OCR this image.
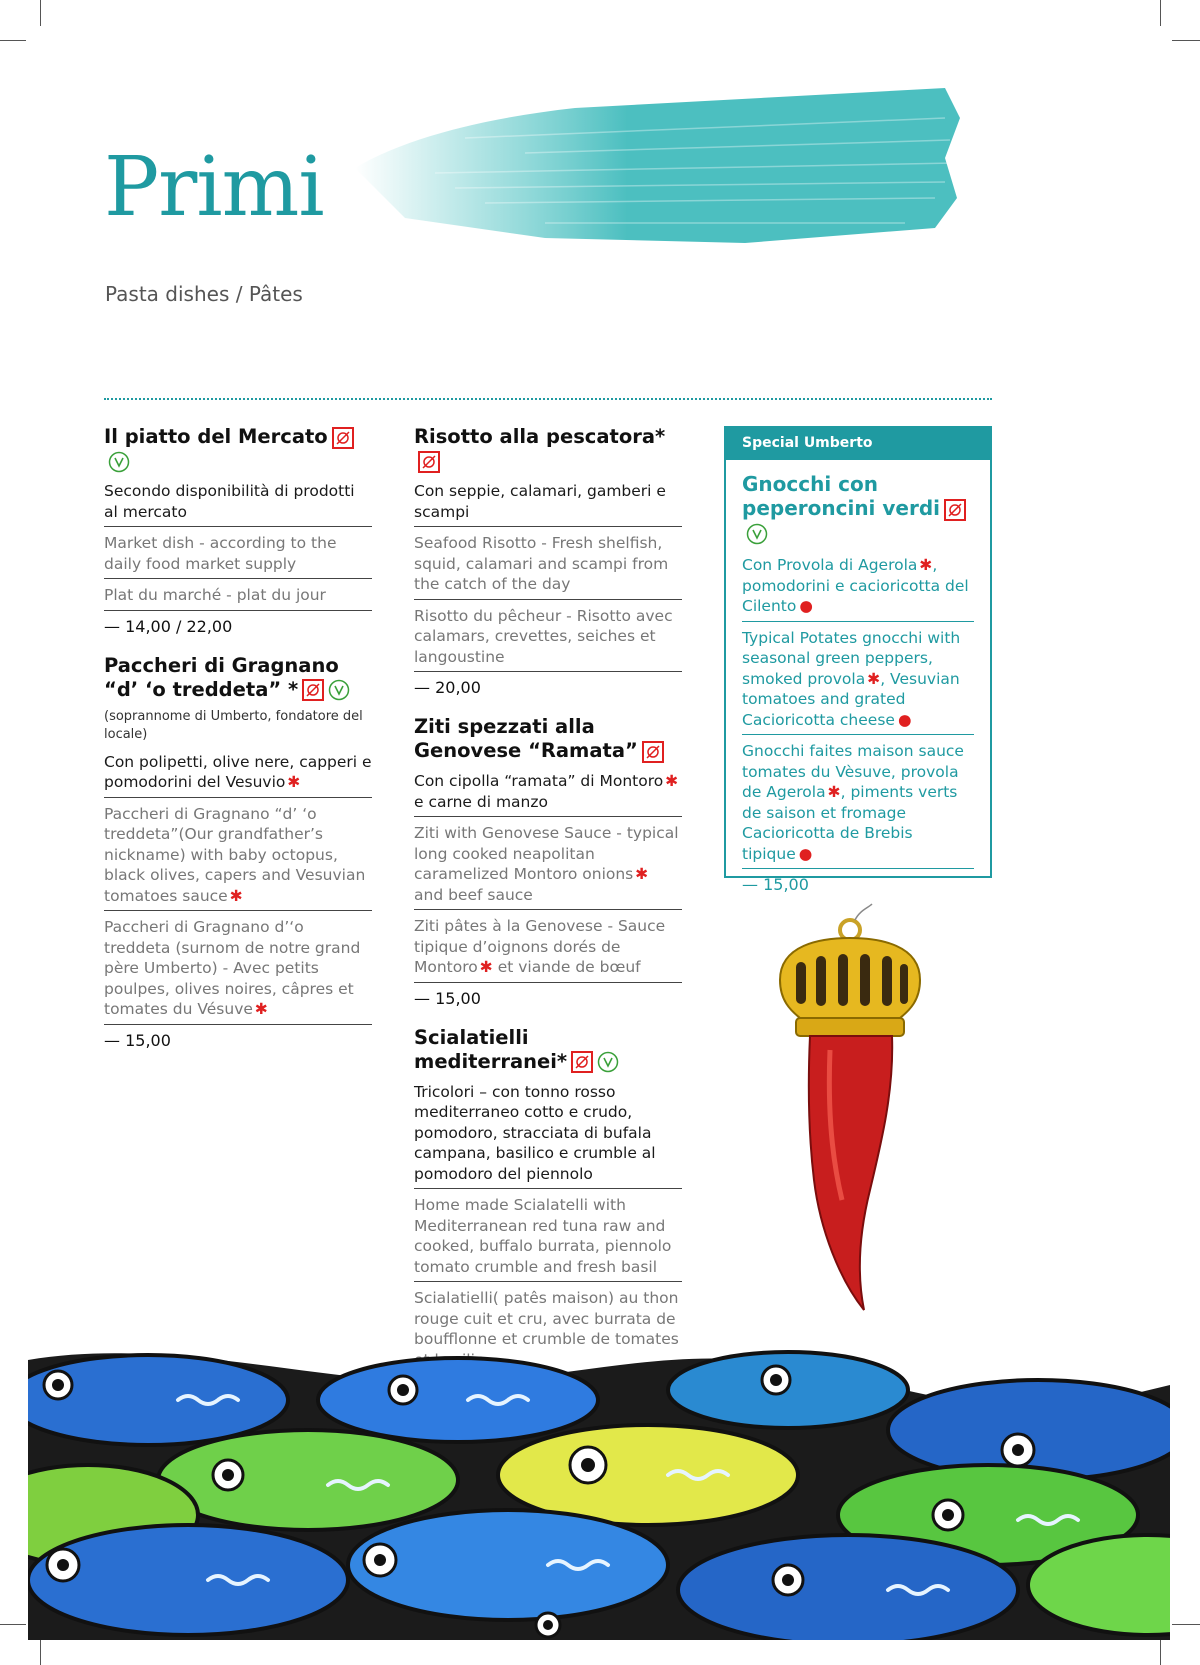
Primi
Pasta dishes / Pâtes
Il piatto del Mercato
Secondo disponibilità di prodotti al mercato
Market dish - according to the daily food market supply
Plat du marché - plat du jour
— 14,00 / 22,00
Paccheri di Gragnano “d’ ‘o treddeta” *
(soprannome di Umberto, fondatore del locale)
Con polipetti, olive nere, capperi e pomodorini del Vesuvio ✱
Paccheri di Gragnano “d’ ‘o treddeta”(Our grandfather’s nickname) with baby octopus, black olives, capers and Vesuvian tomatoes sauce ✱
Paccheri di Gragnano d’‘o treddeta (surnom de notre grand père Umberto) - Avec petits poulpes, olives noires, câpres et tomates du Vésuve ✱
— 15,00
Risotto alla pescatora*
Con seppie, calamari, gamberi e scampi
Seafood Risotto - Fresh shelfish, squid, calamari and scampi from the catch of the day
Risotto du pêcheur - Risotto avec calamars, crevettes, seiches et langoustine
— 20,00
Ziti spezzati alla Genovese “Ramata”
Con cipolla “ramata” di Montoro ✱ e carne di manzo
Ziti with Genovese Sauce - typical long cooked neapolitan caramelized Montoro onions ✱ and beef sauce
Ziti pâtes à la Genovese - Sauce tipique d’oignons dorés de Montoro ✱ et viande de bœuf
— 15,00
Scialatielli mediterranei*
Tricolori – con tonno rosso mediterraneo cotto e crudo, pomodoro, stracciata di bufala campana, basilico e crumble al pomodoro del piennolo
Home made Scialatelli with Mediterranean red tuna raw and cooked, buffalo burrata, piennolo tomato crumble and fresh basil
Scialatielli( patês maison) au thon rouge cuit et cru, avec burrata de boufflonne et crumble de tomates
Special Umberto
Gnocchi con peperoncini verdi
Con Provola di Agerola ✱, pomodorini e cacioricotta del Cilento ●
Typical Potates gnocchi with seasonal green peppers, smoked provola ✱, Vesuvian tomatoes and grated Cacioricotta cheese ●
Gnocchi faites maison sauce tomates du Vèsuve, provola de Agerola ✱, piments verts de saison et fromage Cacioricotta de Brebis tipique ●
— 15,00
